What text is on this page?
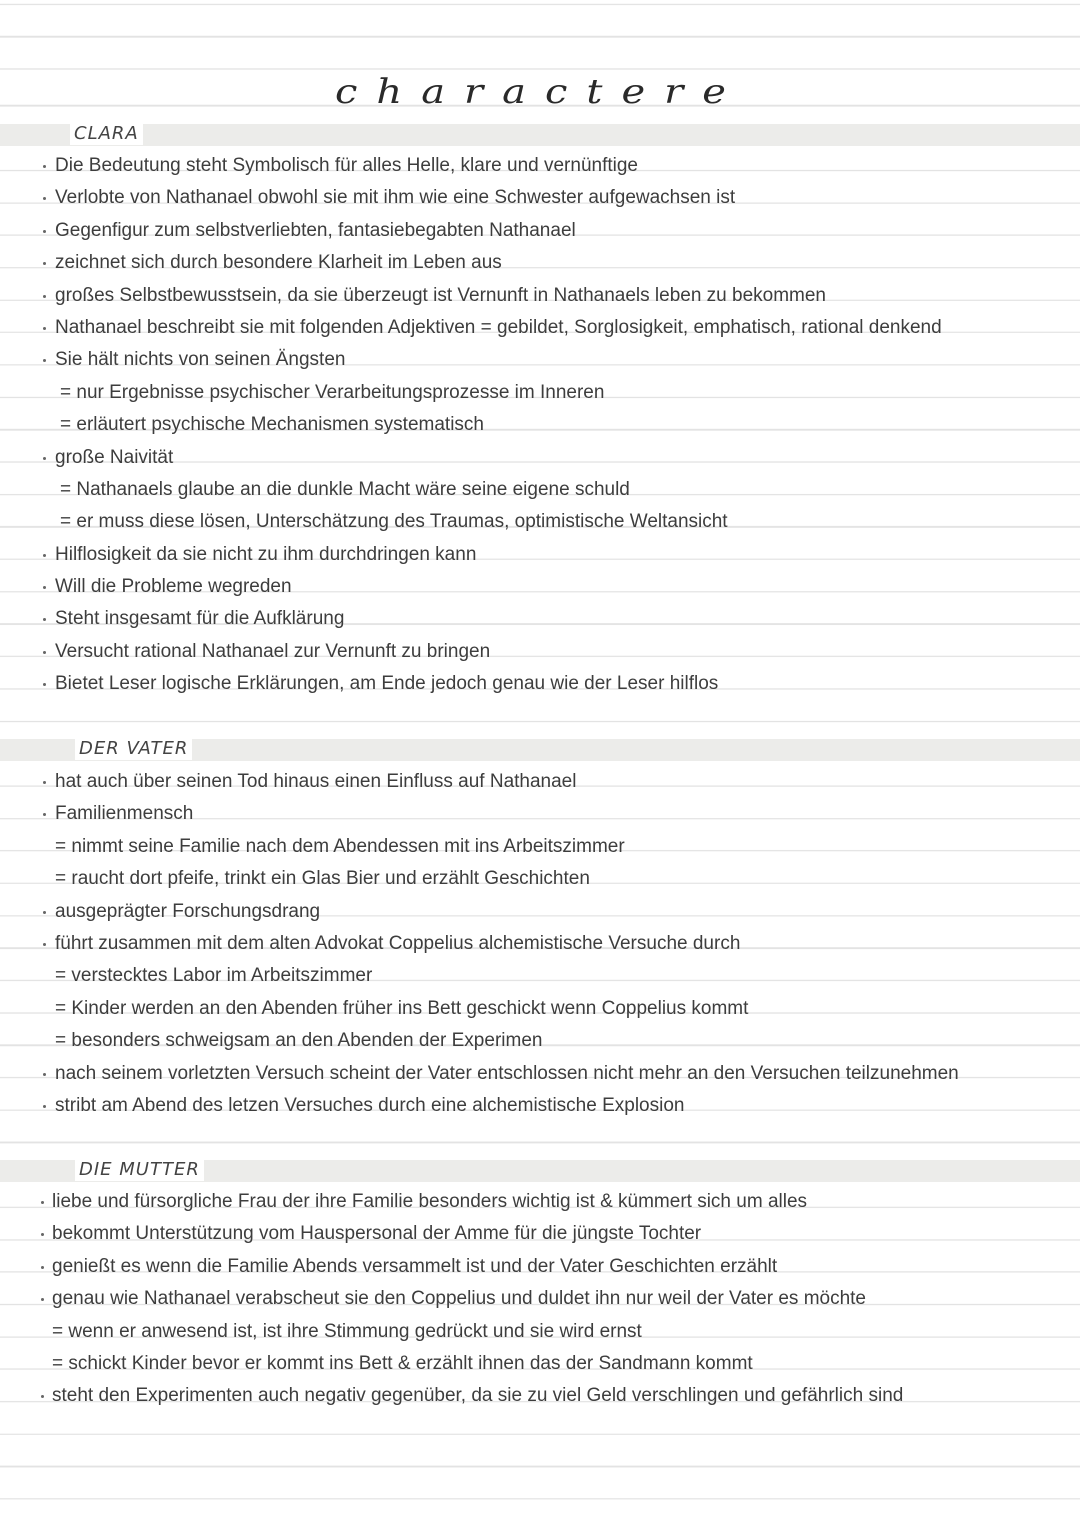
charactere
CLARA
Die Bedeutung steht Symbolisch für alles Helle, klare und vernünftige
Verlobte von Nathanael obwohl sie mit ihm wie eine Schwester aufgewachsen ist
Gegenfigur zum selbstverliebten, fantasiebegabten Nathanael
zeichnet sich durch besondere Klarheit im Leben aus
großes Selbstbewusstsein, da sie überzeugt ist Vernunft in Nathanaels leben zu bekommen
Nathanael beschreibt sie mit folgenden Adjektiven = gebildet, Sorglosigkeit, emphatisch, rational denkend
Sie hält nichts von seinen Ängsten
= nur Ergebnisse psychischer Verarbeitungsprozesse im Inneren
= erläutert psychische Mechanismen systematisch
große Naivität
= Nathanaels glaube an die dunkle Macht wäre seine eigene schuld
= er muss diese lösen, Unterschätzung des Traumas, optimistische Weltansicht
Hilflosigkeit da sie nicht zu ihm durchdringen kann
Will die Probleme wegreden
Steht insgesamt für die Aufklärung
Versucht rational Nathanael zur Vernunft zu bringen
Bietet Leser logische Erklärungen, am Ende jedoch genau wie der Leser hilflos
DER VATER
hat auch über seinen Tod hinaus einen Einfluss auf Nathanael
Familienmensch
= nimmt seine Familie nach dem Abendessen mit ins Arbeitszimmer
= raucht dort pfeife, trinkt ein Glas Bier und erzählt Geschichten
ausgeprägter Forschungsdrang
führt zusammen mit dem alten Advokat Coppelius alchemistische Versuche durch
= verstecktes Labor im Arbeitszimmer
= Kinder werden an den Abenden früher ins Bett geschickt wenn Coppelius kommt
= besonders schweigsam an den Abenden der Experimen
nach seinem vorletzten Versuch scheint der Vater entschlossen nicht mehr an den Versuchen teilzunehmen
stribt am Abend des letzen Versuches durch eine alchemistische Explosion
DIE MUTTER
liebe und fürsorgliche Frau der ihre Familie besonders wichtig ist & kümmert sich um alles
bekommt Unterstützung vom Hauspersonal der Amme für die jüngste Tochter
genießt es wenn die Familie Abends versammelt ist und der Vater Geschichten erzählt
genau wie Nathanael verabscheut sie den Coppelius und duldet ihn nur weil der Vater es möchte
= wenn er anwesend ist, ist ihre Stimmung gedrückt und sie wird ernst
= schickt Kinder bevor er kommt ins Bett & erzählt ihnen das der Sandmann kommt
steht den Experimenten auch negativ gegenüber, da sie zu viel Geld verschlingen und gefährlich sind
